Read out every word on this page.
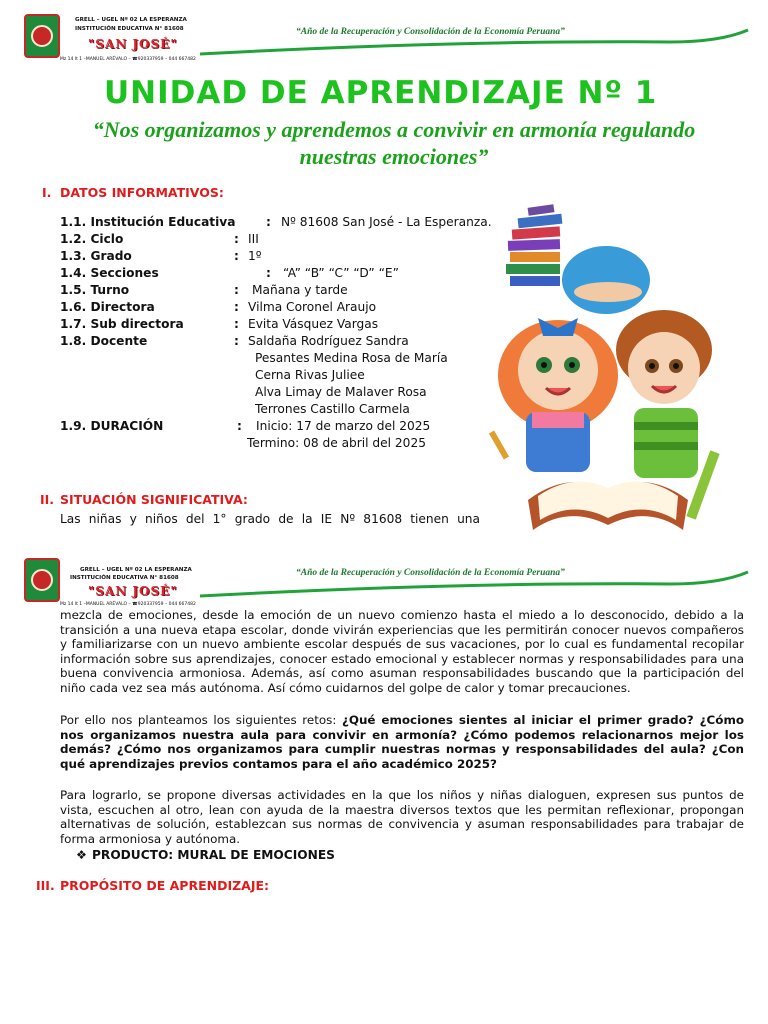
GRELL – UGEL Nº 02 LA ESPERANZA
INSTITUCIÓN EDUCATIVA N° 81608
"SAN JOSÉ"
Mz 14 lt 1 –MANUEL ARÉVALO – ☎920337959 – 044 667482
“Año de la Recuperación y Consolidación de la Economía Peruana”
UNIDAD DE APRENDIZAJE Nº 1
“Nos organizamos y aprendemos a convivir en armonía regulando nuestras emociones”
I. DATOS INFORMATIVOS:
1.1. Institución Educativa	: Nº 81608 San José - La Esperanza.
1.2. Ciclo	: III
1.3. Grado	: 1º
1.4. Secciones	: “A” “B” “C” “D” “E”
1.5. Turno	: Mañana y tarde
1.6. Directora	: Vilma Coronel Araujo
1.7. Sub directora	: Evita Vásquez Vargas
1.8. Docente	: Saldaña Rodríguez Sandra
Pesantes Medina Rosa de María
Cerna Rivas Juliee
Alva Limay de Malaver Rosa
Terrones Castillo Carmela
1.9. DURACIÓN	: Inicio: 17 de marzo del 2025
Termino: 08 de abril del 2025
II. SITUACIÓN SIGNIFICATIVA:
Las niñas y niños del 1° grado de la IE Nº 81608 tienen una
GRELL – UGEL Nº 02 LA ESPERANZA
INSTITUCIÓN EDUCATIVA N° 81608
"SAN JOSÉ"
Mz 14 lt 1 –MANUEL ARÉVALO – ☎920337959 – 044 667482
“Año de la Recuperación y Consolidación de la Economía Peruana”
mezcla de emociones, desde la emoción de un nuevo comienzo hasta el miedo a lo desconocido, debido a la transición a una nueva etapa escolar, donde vivirán experiencias que les permitirán conocer nuevos compañeros y familiarizarse con un nuevo ambiente escolar después de sus vacaciones, por lo cual es fundamental recopilar información sobre sus aprendizajes, conocer estado emocional y establecer normas y responsabilidades para una buena convivencia armoniosa. Además, así como asuman responsabilidades buscando que la participación del niño cada vez sea más autónoma. Así cómo cuidarnos del golpe de calor y tomar precauciones.
Por ello nos planteamos los siguientes retos: ¿Qué emociones sientes al iniciar el primer grado? ¿Cómo nos organizamos nuestra aula para convivir en armonía? ¿Cómo podemos relacionarnos mejor los demás? ¿Cómo nos organizamos para cumplir nuestras normas y responsabilidades del aula? ¿Con qué aprendizajes previos contamos para el año académico 2025?
Para lograrlo, se propone diversas actividades en la que los niños y niñas dialoguen, expresen sus puntos de vista, escuchen al otro, lean con ayuda de la maestra diversos textos que les permitan reflexionar, propongan alternativas de solución, establezcan sus normas de convivencia y asuman responsabilidades para trabajar de forma armoniosa y autónoma.
❖ PRODUCTO: MURAL DE EMOCIONES
III. PROPÓSITO DE APRENDIZAJE:
